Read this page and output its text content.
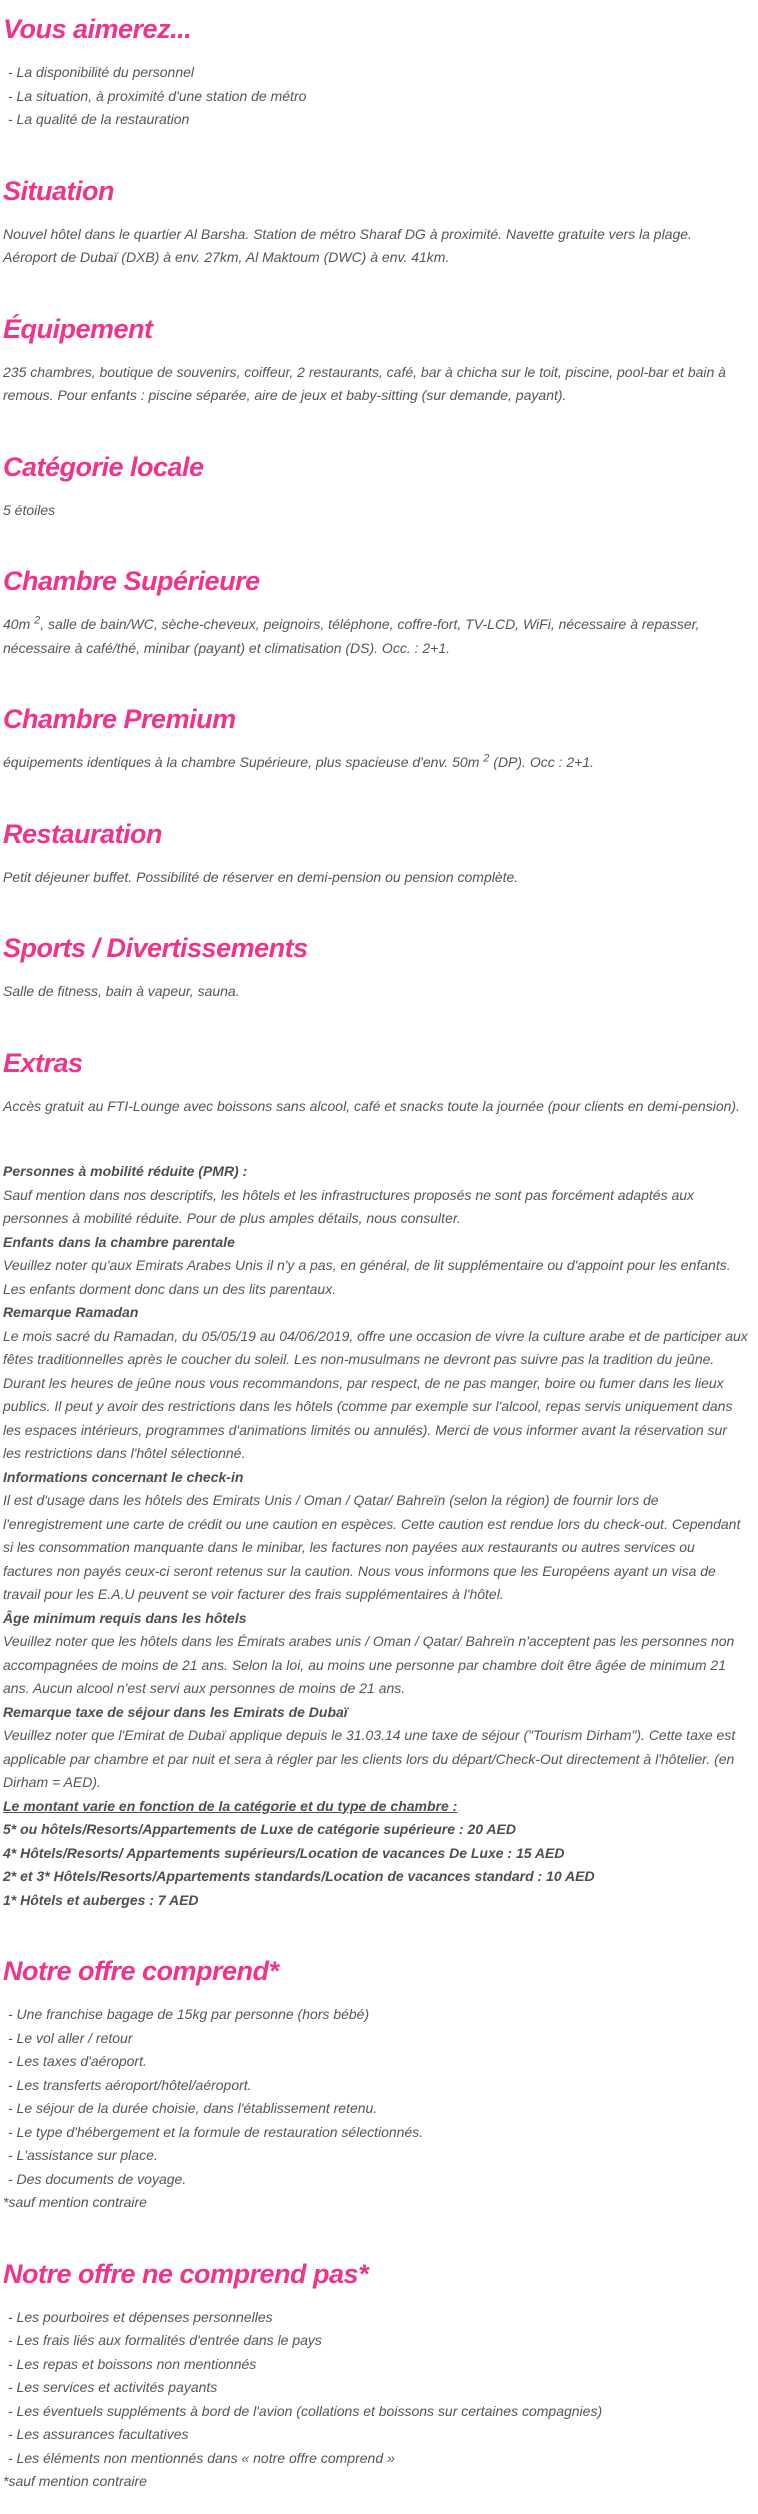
Vous aimerez...
- La disponibilité du personnel
- La situation, à proximité d'une station de métro
- La qualité de la restauration
Situation

Nouvel hôtel dans le quartier Al Barsha. Station de métro Sharaf DG à proximité. Navette gratuite vers la plage. Aéroport de Dubaï (DXB) à env. 27km, Al Maktoum (DWC) à env. 41km.

Équipement

235 chambres, boutique de souvenirs, coiffeur, 2 restaurants, café, bar à chicha sur le toit, piscine, pool-bar et bain à remous. Pour enfants : piscine séparée, aire de jeux et baby-sitting (sur demande, payant).

Catégorie locale

5 étoiles

Chambre Supérieure

40m $^2$, salle de bain/WC, sèche-cheveux, peignoirs, téléphone, coffre-fort, TV-LCD, WiFi, nécessaire à repasser, nécessaire à café/thé, minibar (payant) et climatisation (DS). Occ. : 2+1.

Chambre Premium

équipements identiques à la chambre Supérieure, plus spacieuse d'env. 50m $^2$ (DP). Occ : 2+1.

Restauration

Petit déjeuner buffet. Possibilité de réserver en demi-pension ou pension complète.

Sports / Divertissements

Salle de fitness, bain à vapeur, sauna.

Extras

Accès gratuit au FTI-Lounge avec boissons sans alcool, café et snacks toute la journée (pour clients en demi-pension).

Personnes à mobilité réduite (PMR) :

Sauf mention dans nos descriptifs, les hôtels et les infrastructures proposés ne sont pas forcément adaptés aux personnes à mobilité réduite. Pour de plus amples détails, nous consulter.

Enfants dans la chambre parentale

Veuillez noter qu'aux Emirats Arabes Unis il n'y a pas, en général, de lit supplémentaire ou d'appoint pour les enfants. Les enfants dorment donc dans un des lits parentaux.

Remarque Ramadan

Le mois sacré du Ramadan, du 05/05/19 au 04/06/2019, offre une occasion de vivre la culture arabe et de participer aux fêtes traditionnelles après le coucher du soleil. Les non-musulmans ne devront pas suivre pas la tradition du jeûne. Durant les heures de jeûne nous vous recommandons, par respect, de ne pas manger, boire ou fumer dans les lieux publics. Il peut y avoir des restrictions dans les hôtels (comme par exemple sur l'alcool, repas servis uniquement dans les espaces intérieurs, programmes d'animations limités ou annulés). Merci de vous informer avant la réservation sur les restrictions dans l'hôtel sélectionné.

Informations concernant le check-in

Il est d'usage dans les hôtels des Emirats Unis / Oman / Qatar/ Bahreïn (selon la région) de fournir lors de l'enregistrement une carte de crédit ou une caution en espèces. Cette caution est rendue lors du check-out. Cependant si les consommation manquante dans le minibar, les factures non payées aux restaurants ou autres services ou factures non payés ceux-ci seront retenus sur la caution. Nous vous informons que les Européens ayant un visa de travail pour les E.A.U peuvent se voir facturer des frais supplémentaires à l'hôtel.

Âge minimum requis dans les hôtels

Veuillez noter que les hôtels dans les Émirats arabes unis / Oman / Qatar/ Bahreïn n'acceptent pas les personnes non accompagnées de moins de 21 ans. Selon la loi, au moins une personne par chambre doit être âgée de minimum 21 ans. Aucun alcool n'est servi aux personnes de moins de 21 ans.

Remarque taxe de séjour dans les Emirats de Dubaï

Veuillez noter que l'Emirat de Dubaï applique depuis le 31.03.14 une taxe de séjour ("Tourism Dirham"). Cette taxe est applicable par chambre et par nuit et sera à régler par les clients lors du départ/Check-Out directement à l'hôtelier. (en Dirham = AED).

Le montant varie en fonction de la catégorie et du type de chambre :

5* ou hôtels/Resorts/Appartements de Luxe de catégorie supérieure : 20 AED

4* Hôtels/Resorts/ Appartements supérieurs/Location de vacances De Luxe : 15 AED

2* et 3* Hôtels/Resorts/Appartements standards/Location de vacances standard : 10 AED

1* Hôtels et auberges : 7 AED

Notre offre comprend*
- Une franchise bagage de 15kg par personne (hors bébé)
- Le vol aller / retour
- Les taxes d'aéroport.
- Les transferts aéroport/hôtel/aéroport.
- Le séjour de la durée choisie, dans l'établissement retenu.
- Le type d'hébergement et la formule de restauration sélectionnés.
- L'assistance sur place.
- Des documents de voyage.

*sauf mention contraire

Notre offre ne comprend pas*
- Les pourboires et dépenses personnelles
- Les frais liés aux formalités d'entrée dans le pays
- Les repas et boissons non mentionnés
- Les services et activités payants
- Les éventuels suppléments à bord de l'avion (collations et boissons sur certaines compagnies)
- Les assurances facultatives
- Les éléments non mentionnés dans « notre offre comprend »

*sauf mention contraire
